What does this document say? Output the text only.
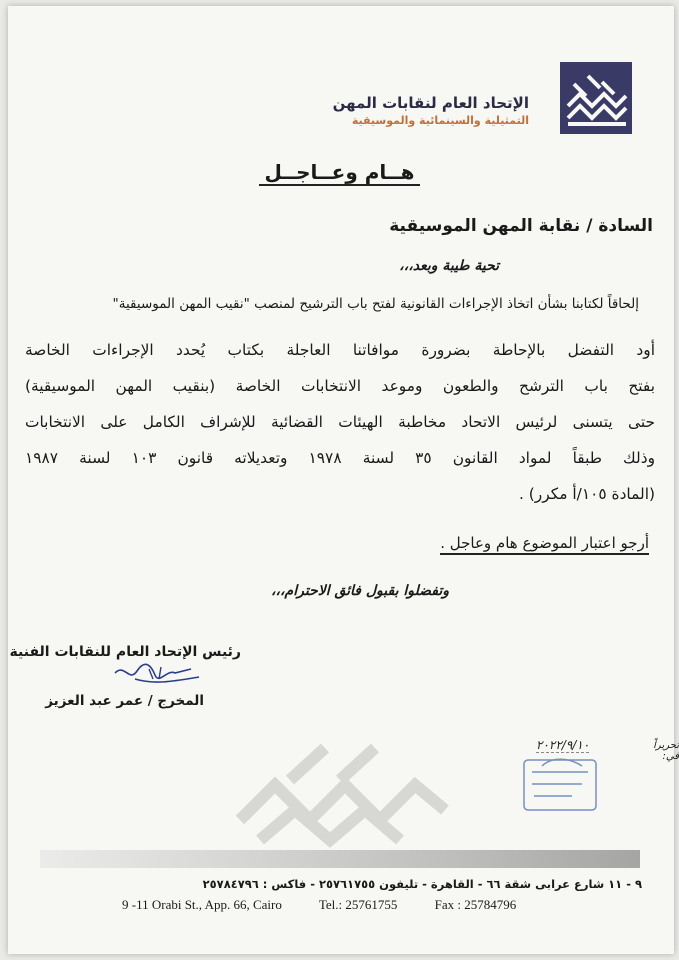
الإتحاد العام لنقابات المهن
التمثيلية والسينمائية والموسيقية
هــام وعــاجــل
السادة / نقابة المهن الموسيقية
تحية طيبة وبعد،،،
إلحاقاً لكتابنا بشأن اتخاذ الإجراءات القانونية لفتح باب الترشيح لمنصب "نقيب المهن الموسيقية"
أود التفضل بالإحاطة بضرورة موافاتنا العاجلة بكتاب يُحدد الإجراءات الخاصة
بفتح باب الترشح والطعون وموعد الانتخابات الخاصة (بنقيب المهن الموسيقية)
حتى يتسنى لرئيس الاتحاد مخاطبة الهيئات القضائية للإشراف الكامل على الانتخابات
وذلك طبقاً لمواد القانون ٣٥ لسنة ١٩٧٨ وتعديلاته قانون ١٠٣ لسنة ١٩٨٧
(المادة ١٠٥/أ مكرر) .
أرجو اعتبار الموضوع هام وعاجل .
وتفضلوا بقبول فائق الاحترام،،،
رئيس الإتحاد العام للنقابات الفنية
المخرج / عمر عبد العزيز
تحريراً في:
٢٠٢٢/٩/١٠
٩ - ١١ شارع عرابى شقة ٦٦ - القاهرة - تليفون ٢٥٧٦١٧٥٥ - فاكس : ٢٥٧٨٤٧٩٦
9 -11 Orabi St., App. 66, Cairo	Tel.: 25761755	Fax : 25784796
